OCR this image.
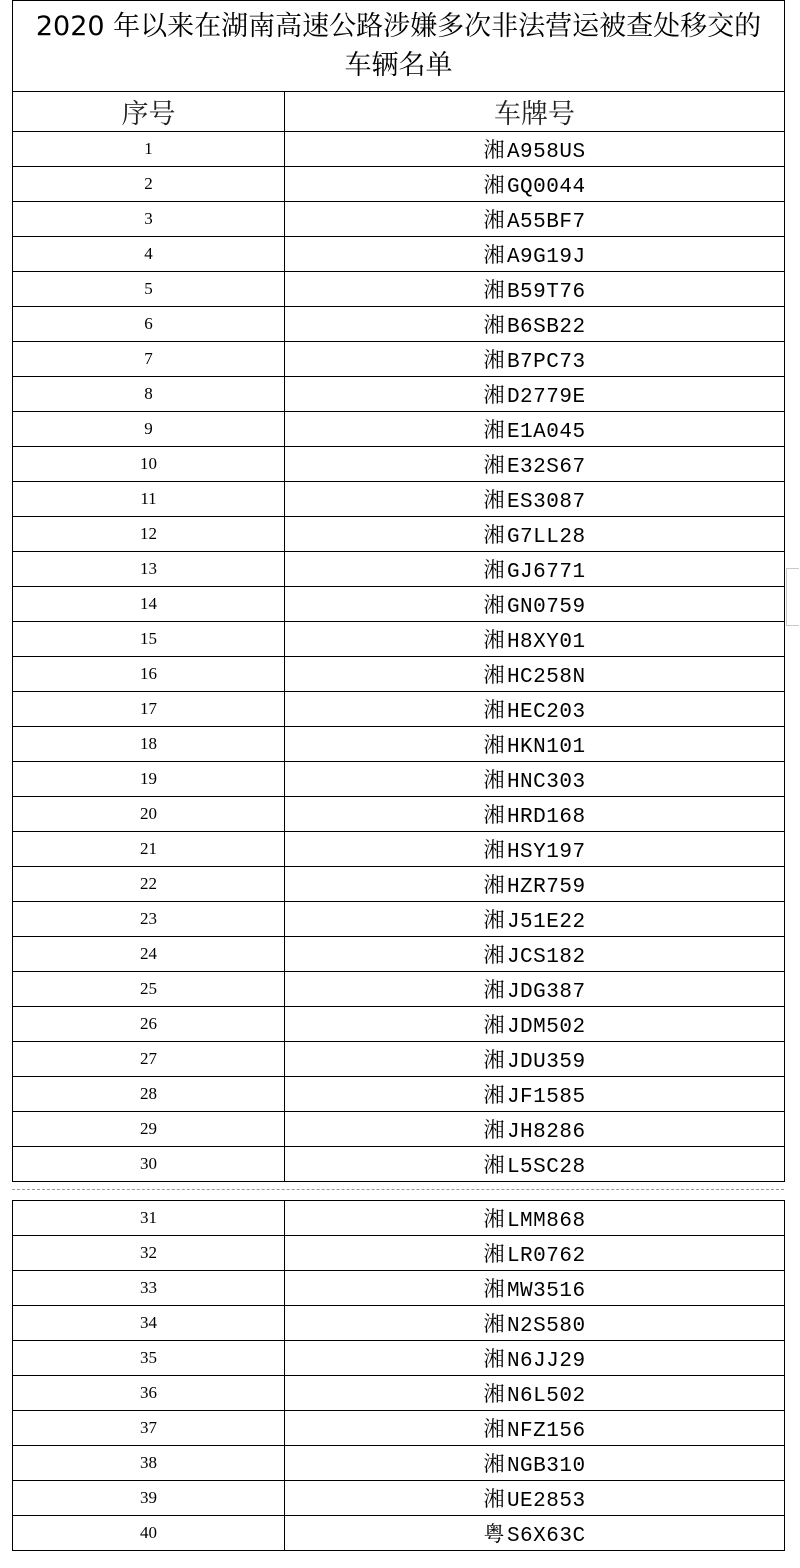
2020 年以来在湖南高速公路涉嫌多次非法营运被查处移交的车辆名单	
序号	车牌号
1	湘A958US
2	湘GQ0044
3	湘A55BF7
4	湘A9G19J
5	湘B59T76
6	湘B6SB22
7	湘B7PC73
8	湘D2779E
9	湘E1A045
10	湘E32S67
11	湘ES3087
12	湘G7LL28
13	湘GJ6771
14	湘GN0759
15	湘H8XY01
16	湘HC258N
17	湘HEC203
18	湘HKN101
19	湘HNC303
20	湘HRD168
21	湘HSY197
22	湘HZR759
23	湘J51E22
24	湘JCS182
25	湘JDG387
26	湘JDM502
27	湘JDU359
28	湘JF1585
29	湘JH8286
30	湘L5SC28
31	湘LMM868
32	湘LR0762
33	湘MW3516
34	湘N2S580
35	湘N6JJ29
36	湘N6L502
37	湘NFZ156
38	湘NGB310
39	湘UE2853
40	粤S6X63C
